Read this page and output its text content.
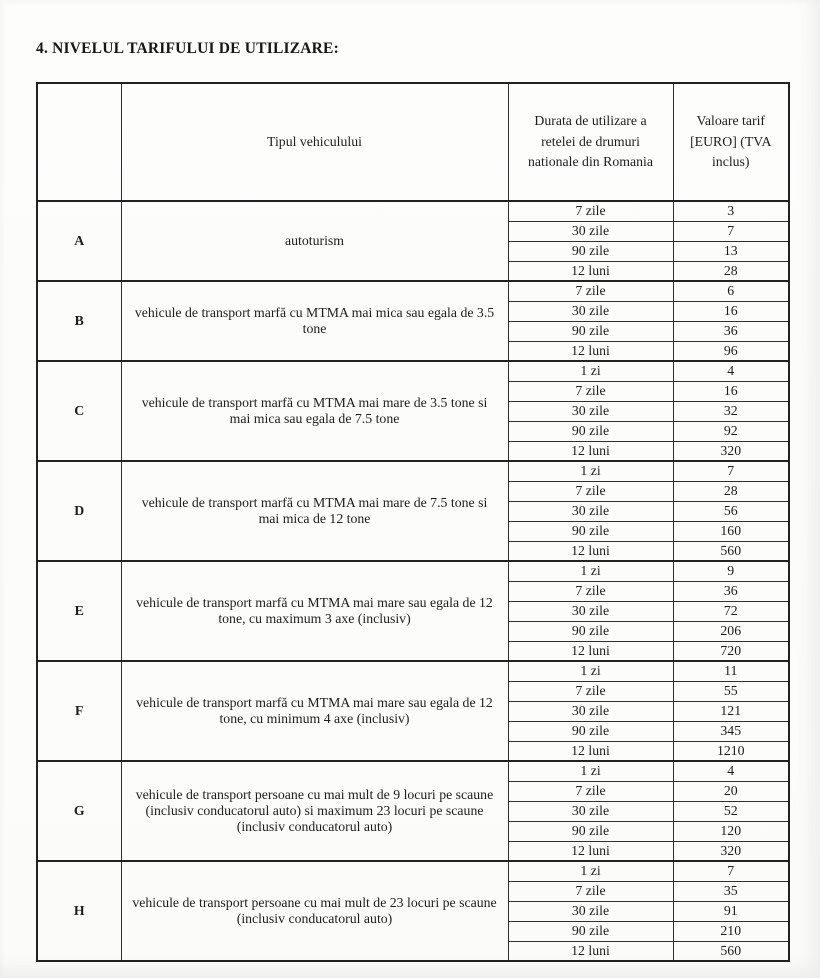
4. NIVELUL TARIFULUI DE UTILIZARE:
	Tipul vehiculului	Durata de utilizare a retelei de drumuri nationale din Romania	Valoare tarif [EURO] (TVA inclus)
A	autoturism	7 zile	3
		30 zile	7
		90 zile	13
		12 luni	28
B	vehicule de transport marfă cu MTMA mai mica sau egala de 3.5 tone	7 zile	6
		30 zile	16
		90 zile	36
		12 luni	96
C	vehicule de transport marfă cu MTMA mai mare de 3.5 tone si mai mica sau egala de 7.5 tone	1 zi	4
		7 zile	16
		30 zile	32
		90 zile	92
		12 luni	320
D	vehicule de transport marfă cu MTMA mai mare de 7.5 tone si mai mica de 12 tone	1 zi	7
		7 zile	28
		30 zile	56
		90 zile	160
		12 luni	560
E	vehicule de transport marfă cu MTMA mai mare sau egala de 12 tone, cu maximum 3 axe (inclusiv)	1 zi	9
		7 zile	36
		30 zile	72
		90 zile	206
		12 luni	720
F	vehicule de transport marfă cu MTMA mai mare sau egala de 12 tone, cu minimum 4 axe (inclusiv)	1 zi	11
		7 zile	55
		30 zile	121
		90 zile	345
		12 luni	1210
G	vehicule de transport persoane cu mai mult de 9 locuri pe scaune (inclusiv conducatorul auto) si maximum 23 locuri pe scaune (inclusiv conducatorul auto)	1 zi	4
		7 zile	20
		30 zile	52
		90 zile	120
		12 luni	320
H	vehicule de transport persoane cu mai mult de 23 locuri pe scaune (inclusiv conducatorul auto)	1 zi	7
		7 zile	35
		30 zile	91
		90 zile	210
		12 luni	560
